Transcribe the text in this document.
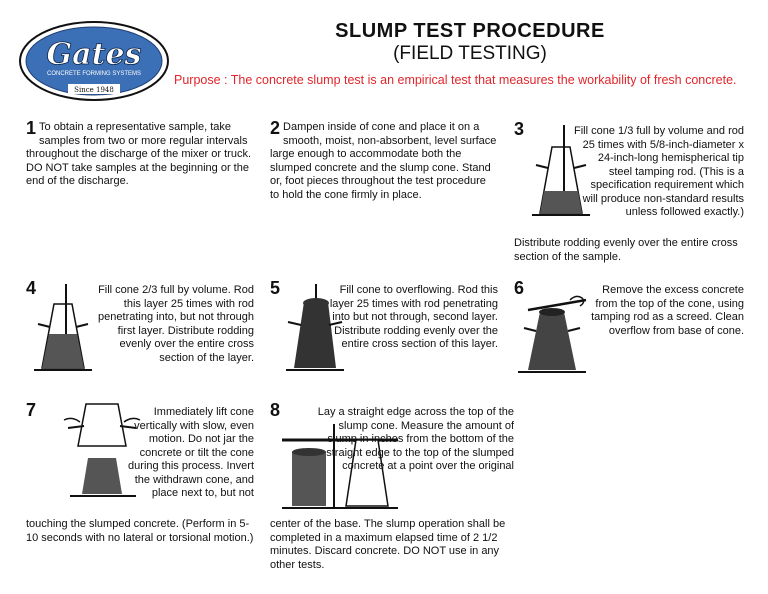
Gates
CONCRETE FORMING SYSTEMS
Since 1948
SLUMP TEST PROCEDURE
(FIELD TESTING)
Purpose : The concrete slump test is an empirical test that measures the workability of fresh concrete.
1 To obtain a representative sample, take samples from two or more regular intervals throughout the discharge of the mixer or truck. DO NOT take samples at the beginning or the end of the discharge.
2 Dampen inside of cone and place it on a smooth, moist, non-absorbent, level surface large enough to accommodate both the slumped concrete and the slump cone. Stand or, foot pieces throughout the test procedure to hold the cone firmly in place.
3	Fill cone 1/3 full by volume and rod 25 times with 5/8-inch-diameter x 24-inch-long hemispherical tip steel tamping rod. (This is a specification requirement which will produce non-standard results unless followed exactly.)
Distribute rodding evenly over the entire cross section of the sample.
4	Fill cone 2/3 full by volume. Rod this layer 25 times with rod penetrating into, but not through first layer. Distribute rodding evenly over the entire cross section of the layer.
5	Fill cone to overflowing. Rod this layer 25 times with rod penetrating into but not through, second layer. Distribute rodding evenly over the entire cross section of this layer.
6	Remove the excess concrete from the top of the cone, using tamping rod as a screed. Clean overflow from base of cone.
7	Immediately lift cone vertically with slow, even motion. Do not jar the concrete or tilt the cone during this process. Invert the withdrawn cone, and place next to, but not
touching the slumped concrete. (Perform in 5-10 seconds with no lateral or torsional motion.)
8	Lay a straight edge across the top of the slump cone. Measure the amount of slump in inches from the bottom of the straight edge to the top of the slumped concrete at a point over the original
center of the base. The slump operation shall be completed in a maximum elapsed time of 2 1/2 minutes. Discard concrete. DO NOT use in any other tests.
